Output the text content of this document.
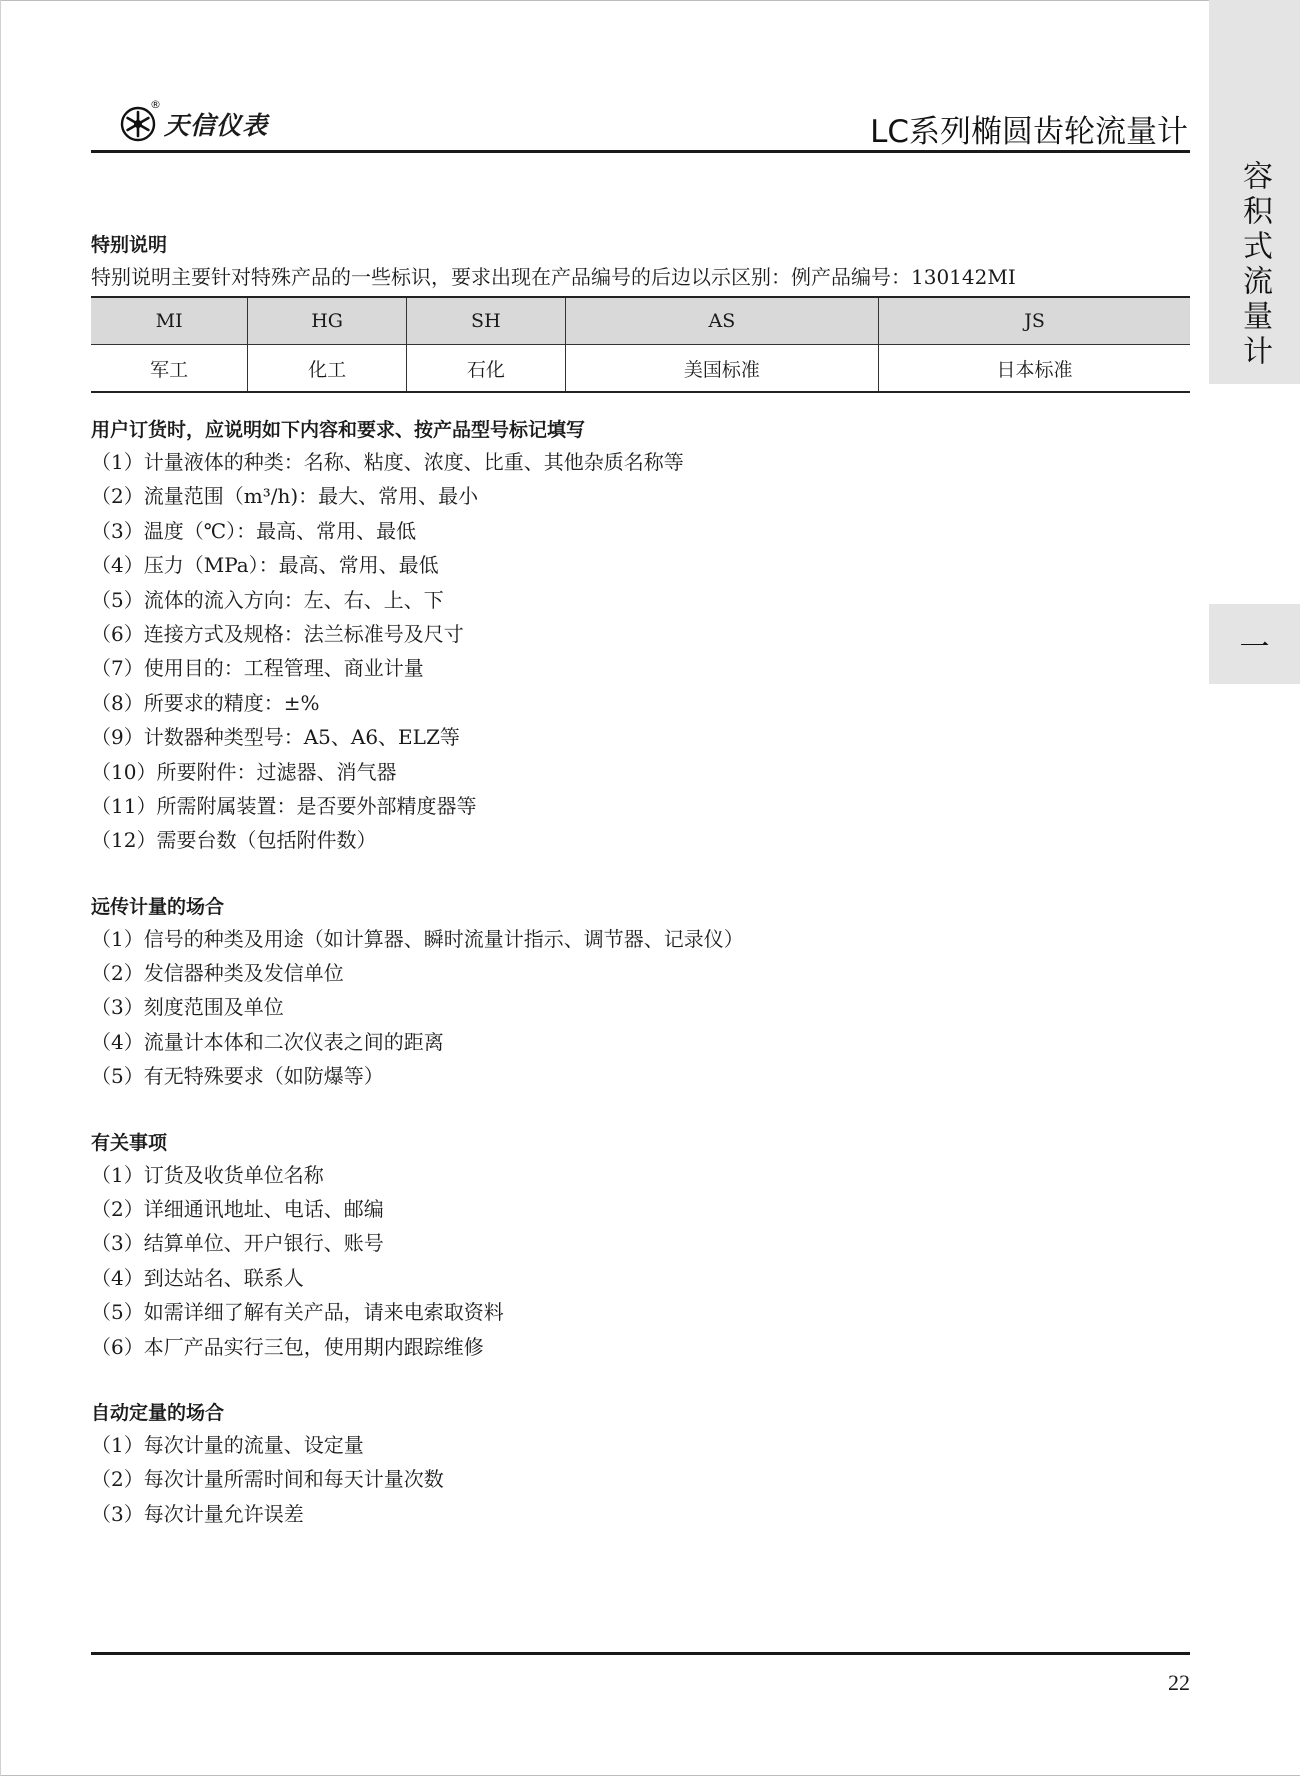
®
天信仪表	LC系列椭圆齿轮流量计
容积式流量计
一
特别说明
特别说明主要针对特殊产品的一些标识，要求出现在产品编号的后边以示区别：例产品编号：130142MI
MI	HG	SH	AS	JS
军工	化工	石化	美国标准	日本标准
用户订货时，应说明如下内容和要求、按产品型号标记填写
（1）计量液体的种类：名称、粘度、浓度、比重、其他杂质名称等
（2）流量范围（m³/h)：最大、常用、最小
（3）温度（℃）：最高、常用、最低
（4）压力（MPa）：最高、常用、最低
（5）流体的流入方向：左、右、上、下
（6）连接方式及规格：法兰标准号及尺寸
（7）使用目的：工程管理、商业计量
（8）所要求的精度：±%
（9）计数器种类型号：A5、A6、ELZ等
（10）所要附件：过滤器、消气器
（11）所需附属装置：是否要外部精度器等
（12）需要台数（包括附件数）
远传计量的场合
（1）信号的种类及用途（如计算器、瞬时流量计指示、调节器、记录仪）
（2）发信器种类及发信单位
（3）刻度范围及单位
（4）流量计本体和二次仪表之间的距离
（5）有无特殊要求（如防爆等）
有关事项
（1）订货及收货单位名称
（2）详细通讯地址、电话、邮编
（3）结算单位、开户银行、账号
（4）到达站名、联系人
（5）如需详细了解有关产品，请来电索取资料
（6）本厂产品实行三包，使用期内跟踪维修
自动定量的场合
（1）每次计量的流量、设定量
（2）每次计量所需时间和每天计量次数
（3）每次计量允许误差
22
